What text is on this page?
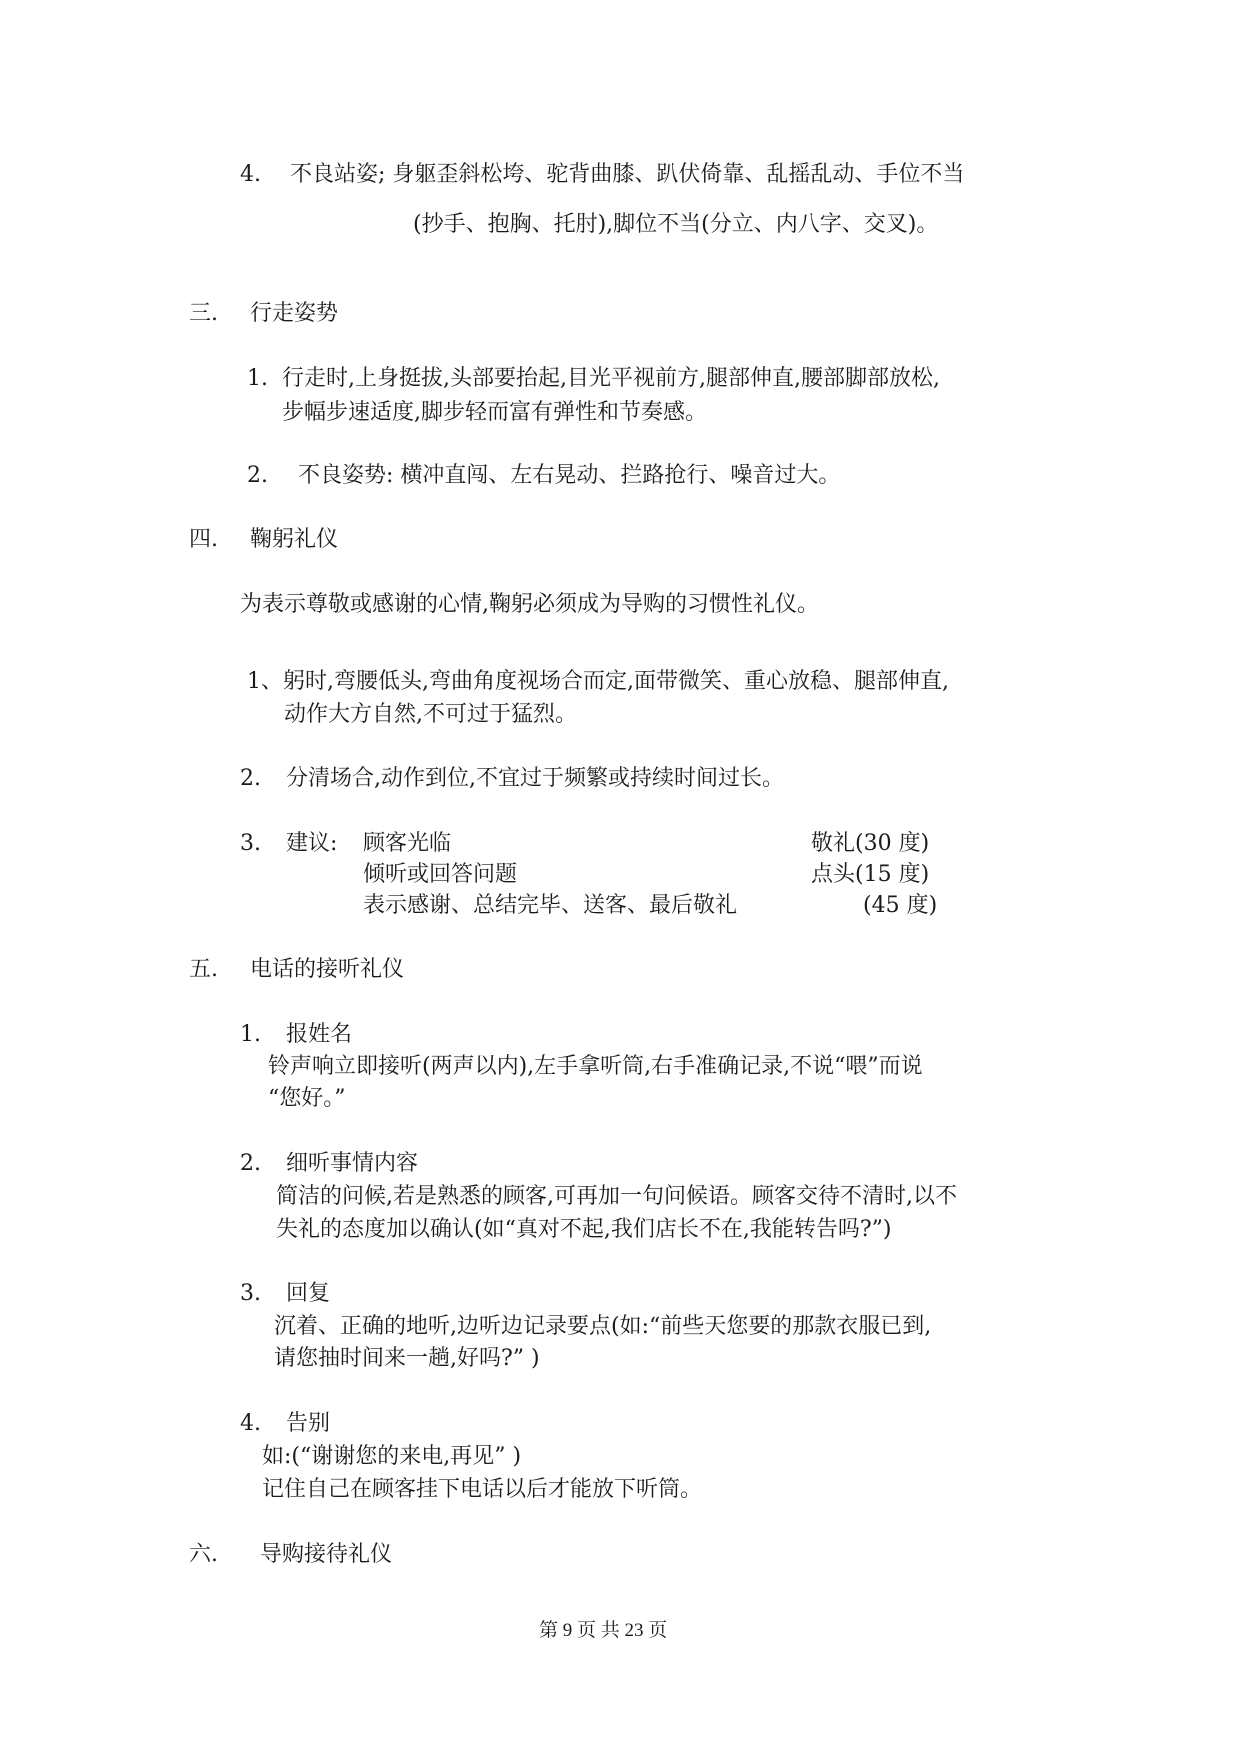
4. 不良站姿; 身躯歪斜松垮、驼背曲膝、趴伏倚靠、乱摇乱动、手位不当
(抄手、抱胸、托肘),脚位不当(分立、内八字、交叉)。
三. 行走姿势
1. 行走时,上身挺拔,头部要抬起,目光平视前方,腿部伸直,腰部脚部放松,
步幅步速适度,脚步轻而富有弹性和节奏感。
2. 不良姿势: 横冲直闯、左右晃动、拦路抢行、噪音过大。
四. 鞠躬礼仪
为表示尊敬或感谢的心情,鞠躬必须成为导购的习惯性礼仪。
1、躬时,弯腰低头,弯曲角度视场合而定,面带微笑、重心放稳、腿部伸直,
动作大方自然,不可过于猛烈。
2. 分清场合,动作到位,不宜过于频繁或持续时间过长。
3. 建议: 顾客光临	敬礼(30 度)
倾听或回答问题	点头(15 度)
表示感谢、总结完毕、送客、最后敬礼	(45 度)
五. 电话的接听礼仪
1. 报姓名
铃声响立即接听(两声以内),左手拿听筒,右手准确记录,不说“喂”而说
“您好。”
2. 细听事情内容
简洁的问候,若是熟悉的顾客,可再加一句问候语。顾客交待不清时,以不
失礼的态度加以确认(如“真对不起,我们店长不在,我能转告吗?”)
3. 回复
沉着、正确的地听,边听边记录要点(如:“前些天您要的那款衣服已到,
请您抽时间来一趟,好吗?” )
4. 告别
如:(“谢谢您的来电,再见” )
记住自己在顾客挂下电话以后才能放下听筒。
六. 导购接待礼仪
第 9 页 共 23 页
